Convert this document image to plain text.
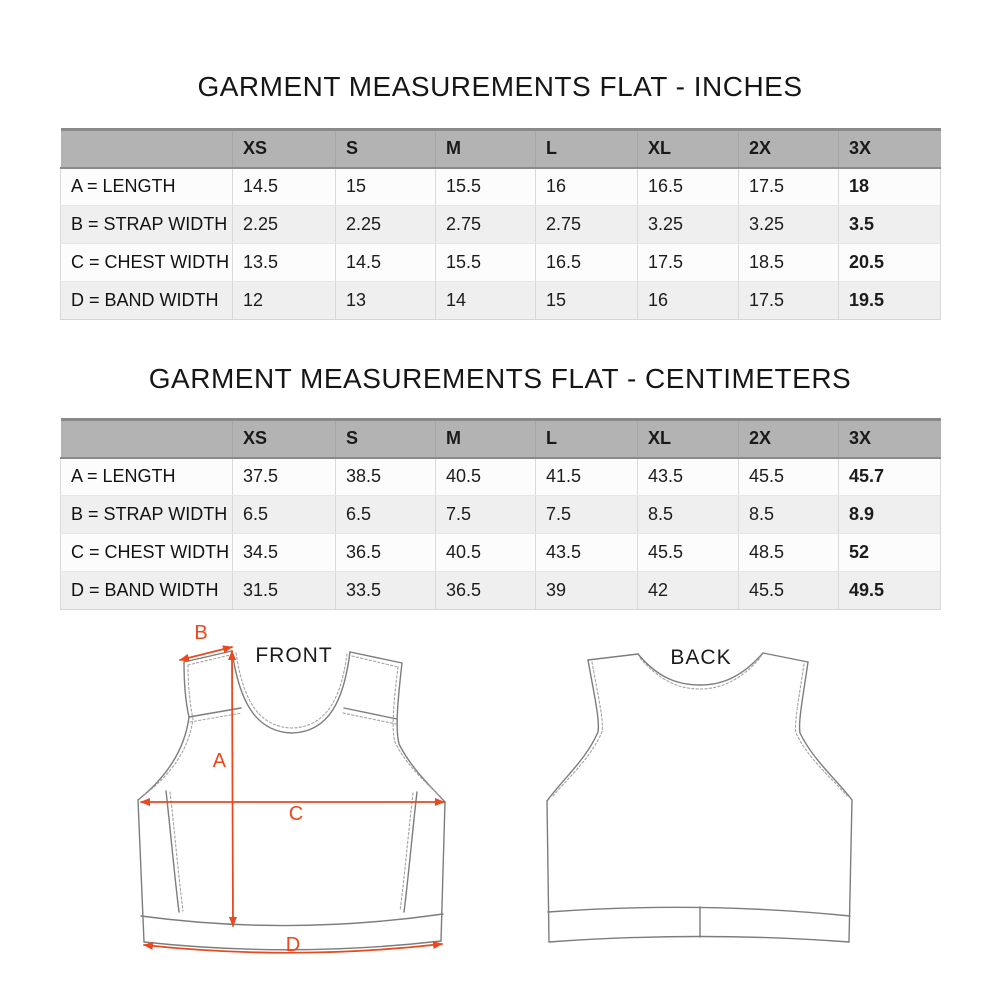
GARMENT MEASUREMENTS FLAT - INCHES
	XS	S	M	L	XL	2X	3X
A = LENGTH	14.5	15	15.5	16	16.5	17.5	18
B = STRAP WIDTH	2.25	2.25	2.75	2.75	3.25	3.25	3.5
C = CHEST WIDTH	13.5	14.5	15.5	16.5	17.5	18.5	20.5
D = BAND WIDTH	12	13	14	15	16	17.5	19.5
GARMENT MEASUREMENTS FLAT - CENTIMETERS
	XS	S	M	L	XL	2X	3X
A = LENGTH	37.5	38.5	40.5	41.5	43.5	45.5	45.7
B = STRAP WIDTH	6.5	6.5	7.5	7.5	8.5	8.5	8.9
C = CHEST WIDTH	34.5	36.5	40.5	43.5	45.5	48.5	52
D = BAND WIDTH	31.5	33.5	36.5	39	42	45.5	49.5
B
A
C
D
FRONT	BACK
